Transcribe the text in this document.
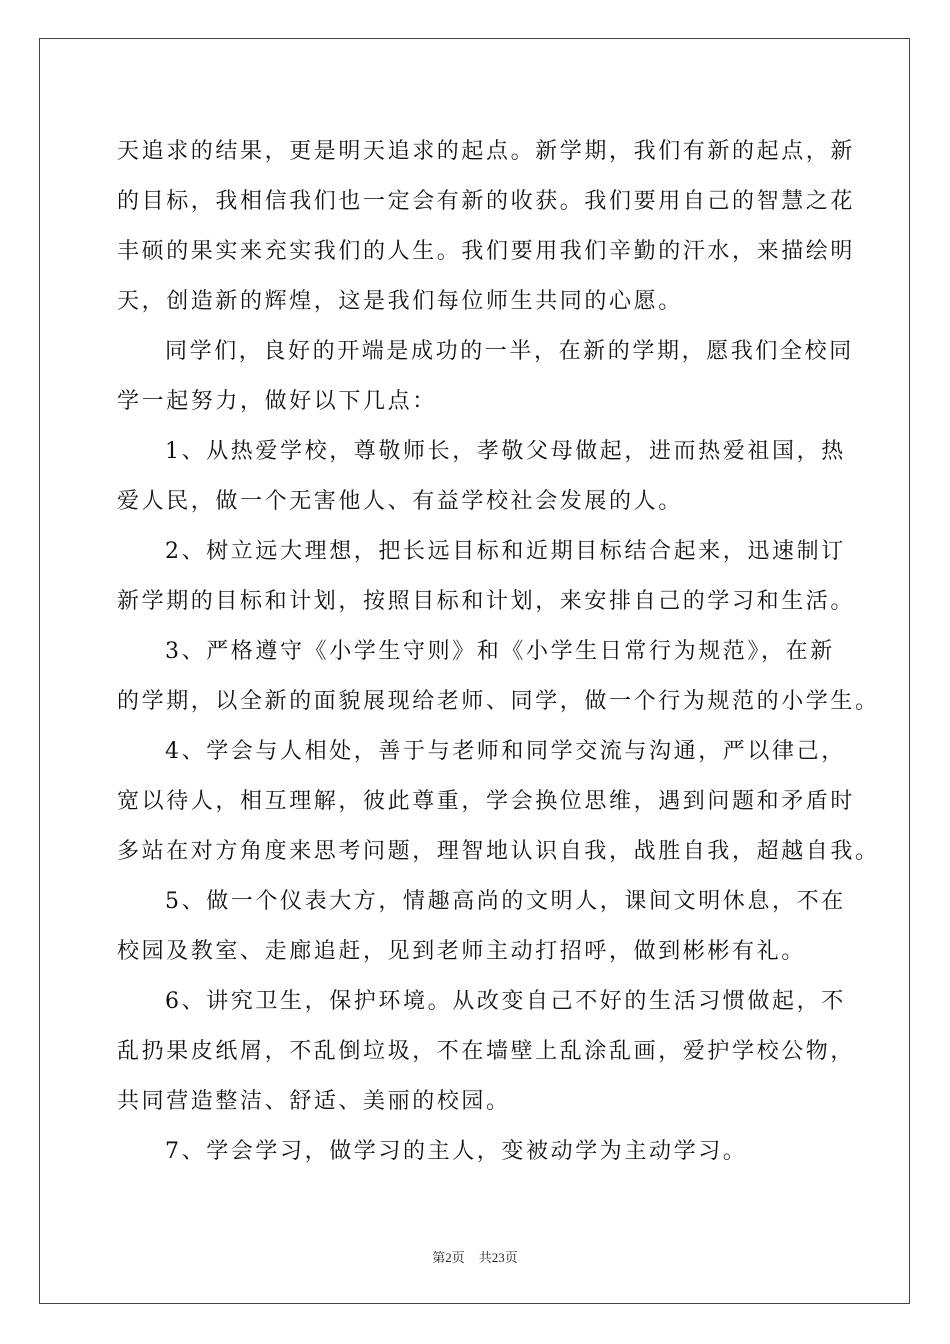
天追求的结果，更是明天追求的起点。新学期，我们有新的起点，新
的目标，我相信我们也一定会有新的收获。我们要用自己的智慧之花
丰硕的果实来充实我们的人生。我们要用我们辛勤的汗水，来描绘明
天，创造新的辉煌，这是我们每位师生共同的心愿。
同学们，良好的开端是成功的一半，在新的学期，愿我们全校同
学一起努力，做好以下几点：
1、从热爱学校，尊敬师长，孝敬父母做起，进而热爱祖国，热
爱人民，做一个无害他人、有益学校社会发展的人。
2、树立远大理想，把长远目标和近期目标结合起来，迅速制订
新学期的目标和计划，按照目标和计划，来安排自己的学习和生活。
3、严格遵守《小学生守则》和《小学生日常行为规范》，在新
的学期，以全新的面貌展现给老师、同学，做一个行为规范的小学生。
4、学会与人相处，善于与老师和同学交流与沟通，严以律己，
宽以待人，相互理解，彼此尊重，学会换位思维，遇到问题和矛盾时
多站在对方角度来思考问题，理智地认识自我，战胜自我，超越自我。
5、做一个仪表大方，情趣高尚的文明人，课间文明休息，不在
校园及教室、走廊追赶，见到老师主动打招呼，做到彬彬有礼。
6、讲究卫生，保护环境。从改变自己不好的生活习惯做起，不
乱扔果皮纸屑，不乱倒垃圾，不在墙壁上乱涂乱画，爱护学校公物，
共同营造整洁、舒适、美丽的校园。
7、学会学习，做学习的主人，变被动学为主动学习。
第2页 共23页
